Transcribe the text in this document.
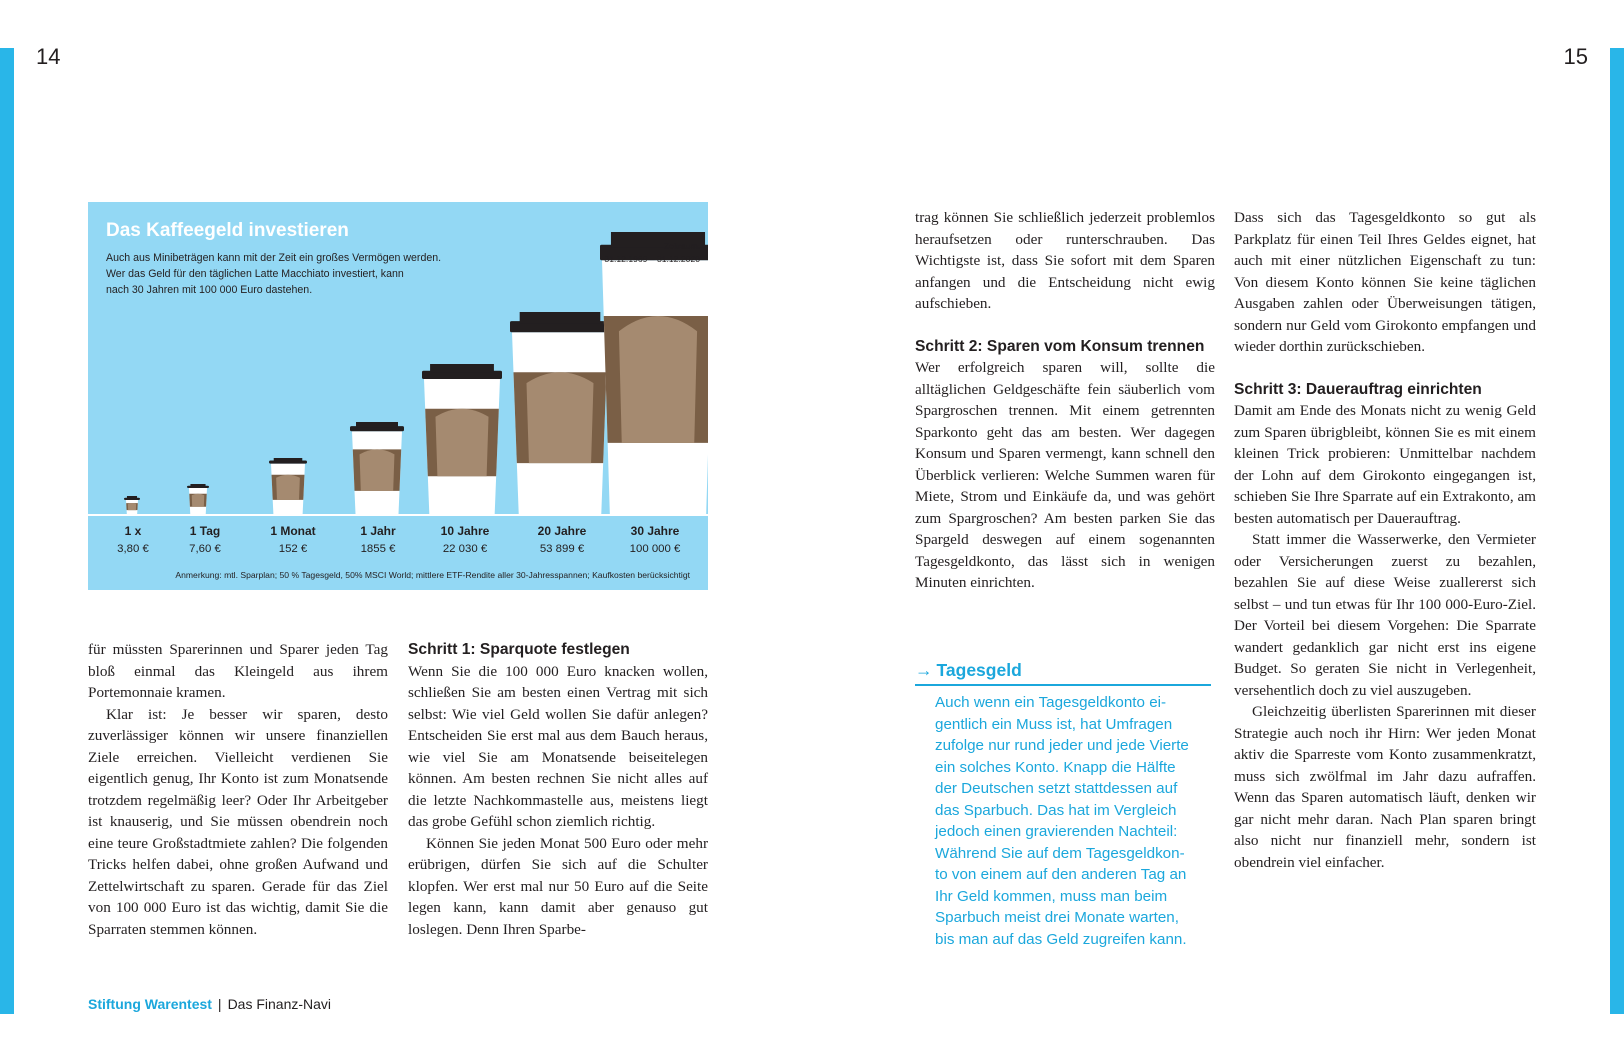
14	15
Das Kaffeegeld investieren
Auch aus Minibeträgen kann mit der Zeit ein großes Vermögen werden.
Wer das Geld für den täglichen Latte Macchiato investiert, kann
nach 30 Jahren mit 100 000 Euro dastehen.
Zeitraum:
31.12.1969 – 31.12.2020
1 x
3,80 €
1 Tag
7,60 €
1 Monat
152 €
1 Jahr
1855 €
10 Jahre
22 030 €
20 Jahre
53 899 €
30 Jahre
100 000 €
Anmerkung: mtl. Sparplan; 50 % Tagesgeld, 50% MSCI World; mittlere ETF-Rendite aller 30-Jahresspannen; Kaufkosten berücksichtigt

für müssten Sparerinnen und Sparer jeden Tag bloß einmal das Kleingeld aus ihrem Portemonnaie kramen.

Klar ist: Je besser wir sparen, desto zuverlässiger können wir unsere finanziellen Ziele erreichen. Vielleicht verdienen Sie eigentlich genug, Ihr Konto ist zum Monatsende trotzdem regelmäßig leer? Oder Ihr Arbeitgeber ist knauserig, und Sie müssen obendrein noch eine teure Großstadtmiete zahlen? Die folgenden Tricks helfen dabei, ohne großen Aufwand und Zettelwirtschaft zu sparen. Gerade für das Ziel von 100 000 Euro ist das wichtig, damit Sie die Sparraten stemmen können.

Schritt 1: Sparquote festlegen

Wenn Sie die 100 000 Euro knacken wollen, schließen Sie am besten einen Vertrag mit sich selbst: Wie viel Geld wollen Sie dafür anlegen? Entscheiden Sie erst mal aus dem Bauch heraus, wie viel Sie am Monatsende beiseitelegen können. Am besten rechnen Sie nicht alles auf die letzte Nachkommastelle aus, meistens liegt das grobe Gefühl schon ziemlich richtig.

Können Sie jeden Monat 500 Euro oder mehr erübrigen, dürfen Sie sich auf die Schulter klopfen. Wer erst mal nur 50 Euro auf die Seite legen kann, kann damit aber genauso gut loslegen. Denn Ihren Sparbe-

trag können Sie schließlich jederzeit problemlos heraufsetzen oder runterschrauben. Das Wichtigste ist, dass Sie sofort mit dem Sparen anfangen und die Entscheidung nicht ewig aufschieben.

Schritt 2: Sparen vom Konsum trennen

Wer erfolgreich sparen will, sollte die alltäglichen Geldgeschäfte fein säuberlich vom Spargroschen trennen. Mit einem getrennten Sparkonto geht das am besten. Wer dagegen Konsum und Sparen vermengt, kann schnell den Überblick verlieren: Welche Summen waren für Miete, Strom und Einkäufe da, und was gehört zum Spargroschen? Am besten parken Sie das Spargeld deswegen auf einem sogenannten Tagesgeldkonto, das lässt sich in wenigen Minuten einrichten.

→ Tagesgeld
Auch wenn ein Tagesgeldkonto ei-
gentlich ein Muss ist, hat Umfragen
zufolge nur rund jeder und jede Vierte
ein solches Konto. Knapp die Hälfte
der Deutschen setzt stattdessen auf
das Sparbuch. Das hat im Vergleich
jedoch einen gravierenden Nachteil:
Während Sie auf dem Tagesgeldkon-
to von einem auf den anderen Tag an
Ihr Geld kommen, muss man beim
Sparbuch meist drei Monate warten,
bis man auf das Geld zugreifen kann.

Dass sich das Tagesgeldkonto so gut als Parkplatz für einen Teil Ihres Geldes eignet, hat auch mit einer nützlichen Eigenschaft zu tun: Von diesem Konto können Sie keine täglichen Ausgaben zahlen oder Überweisungen tätigen, sondern nur Geld vom Girokonto empfangen und wieder dorthin zurückschieben.

Schritt 3: Dauerauftrag einrichten

Damit am Ende des Monats nicht zu wenig Geld zum Sparen übrigbleibt, können Sie es mit einem kleinen Trick probieren: Unmittelbar nachdem der Lohn auf dem Girokonto eingegangen ist, schieben Sie Ihre Sparrate auf ein Extrakonto, am besten automatisch per Dauerauftrag.

Statt immer die Wasserwerke, den Vermieter oder Versicherungen zuerst zu bezahlen, bezahlen Sie auf diese Weise zuallererst sich selbst – und tun etwas für Ihr 100 000-Euro-Ziel. Der Vorteil bei diesem Vorgehen: Die Sparrate wandert gedanklich gar nicht erst ins eigene Budget. So geraten Sie nicht in Verlegenheit, versehentlich doch zu viel auszugeben.

Gleichzeitig überlisten Sparerinnen mit dieser Strategie auch noch ihr Hirn: Wer jeden Monat aktiv die Sparreste vom Konto zusammenkratzt, muss sich zwölfmal im Jahr dazu aufraffen. Wenn das Sparen automatisch läuft, denken wir gar nicht mehr daran. Nach Plan sparen bringt also nicht nur finanziell mehr, sondern ist obendrein viel einfacher.

Stiftung Warentest | Das Finanz-Navi
